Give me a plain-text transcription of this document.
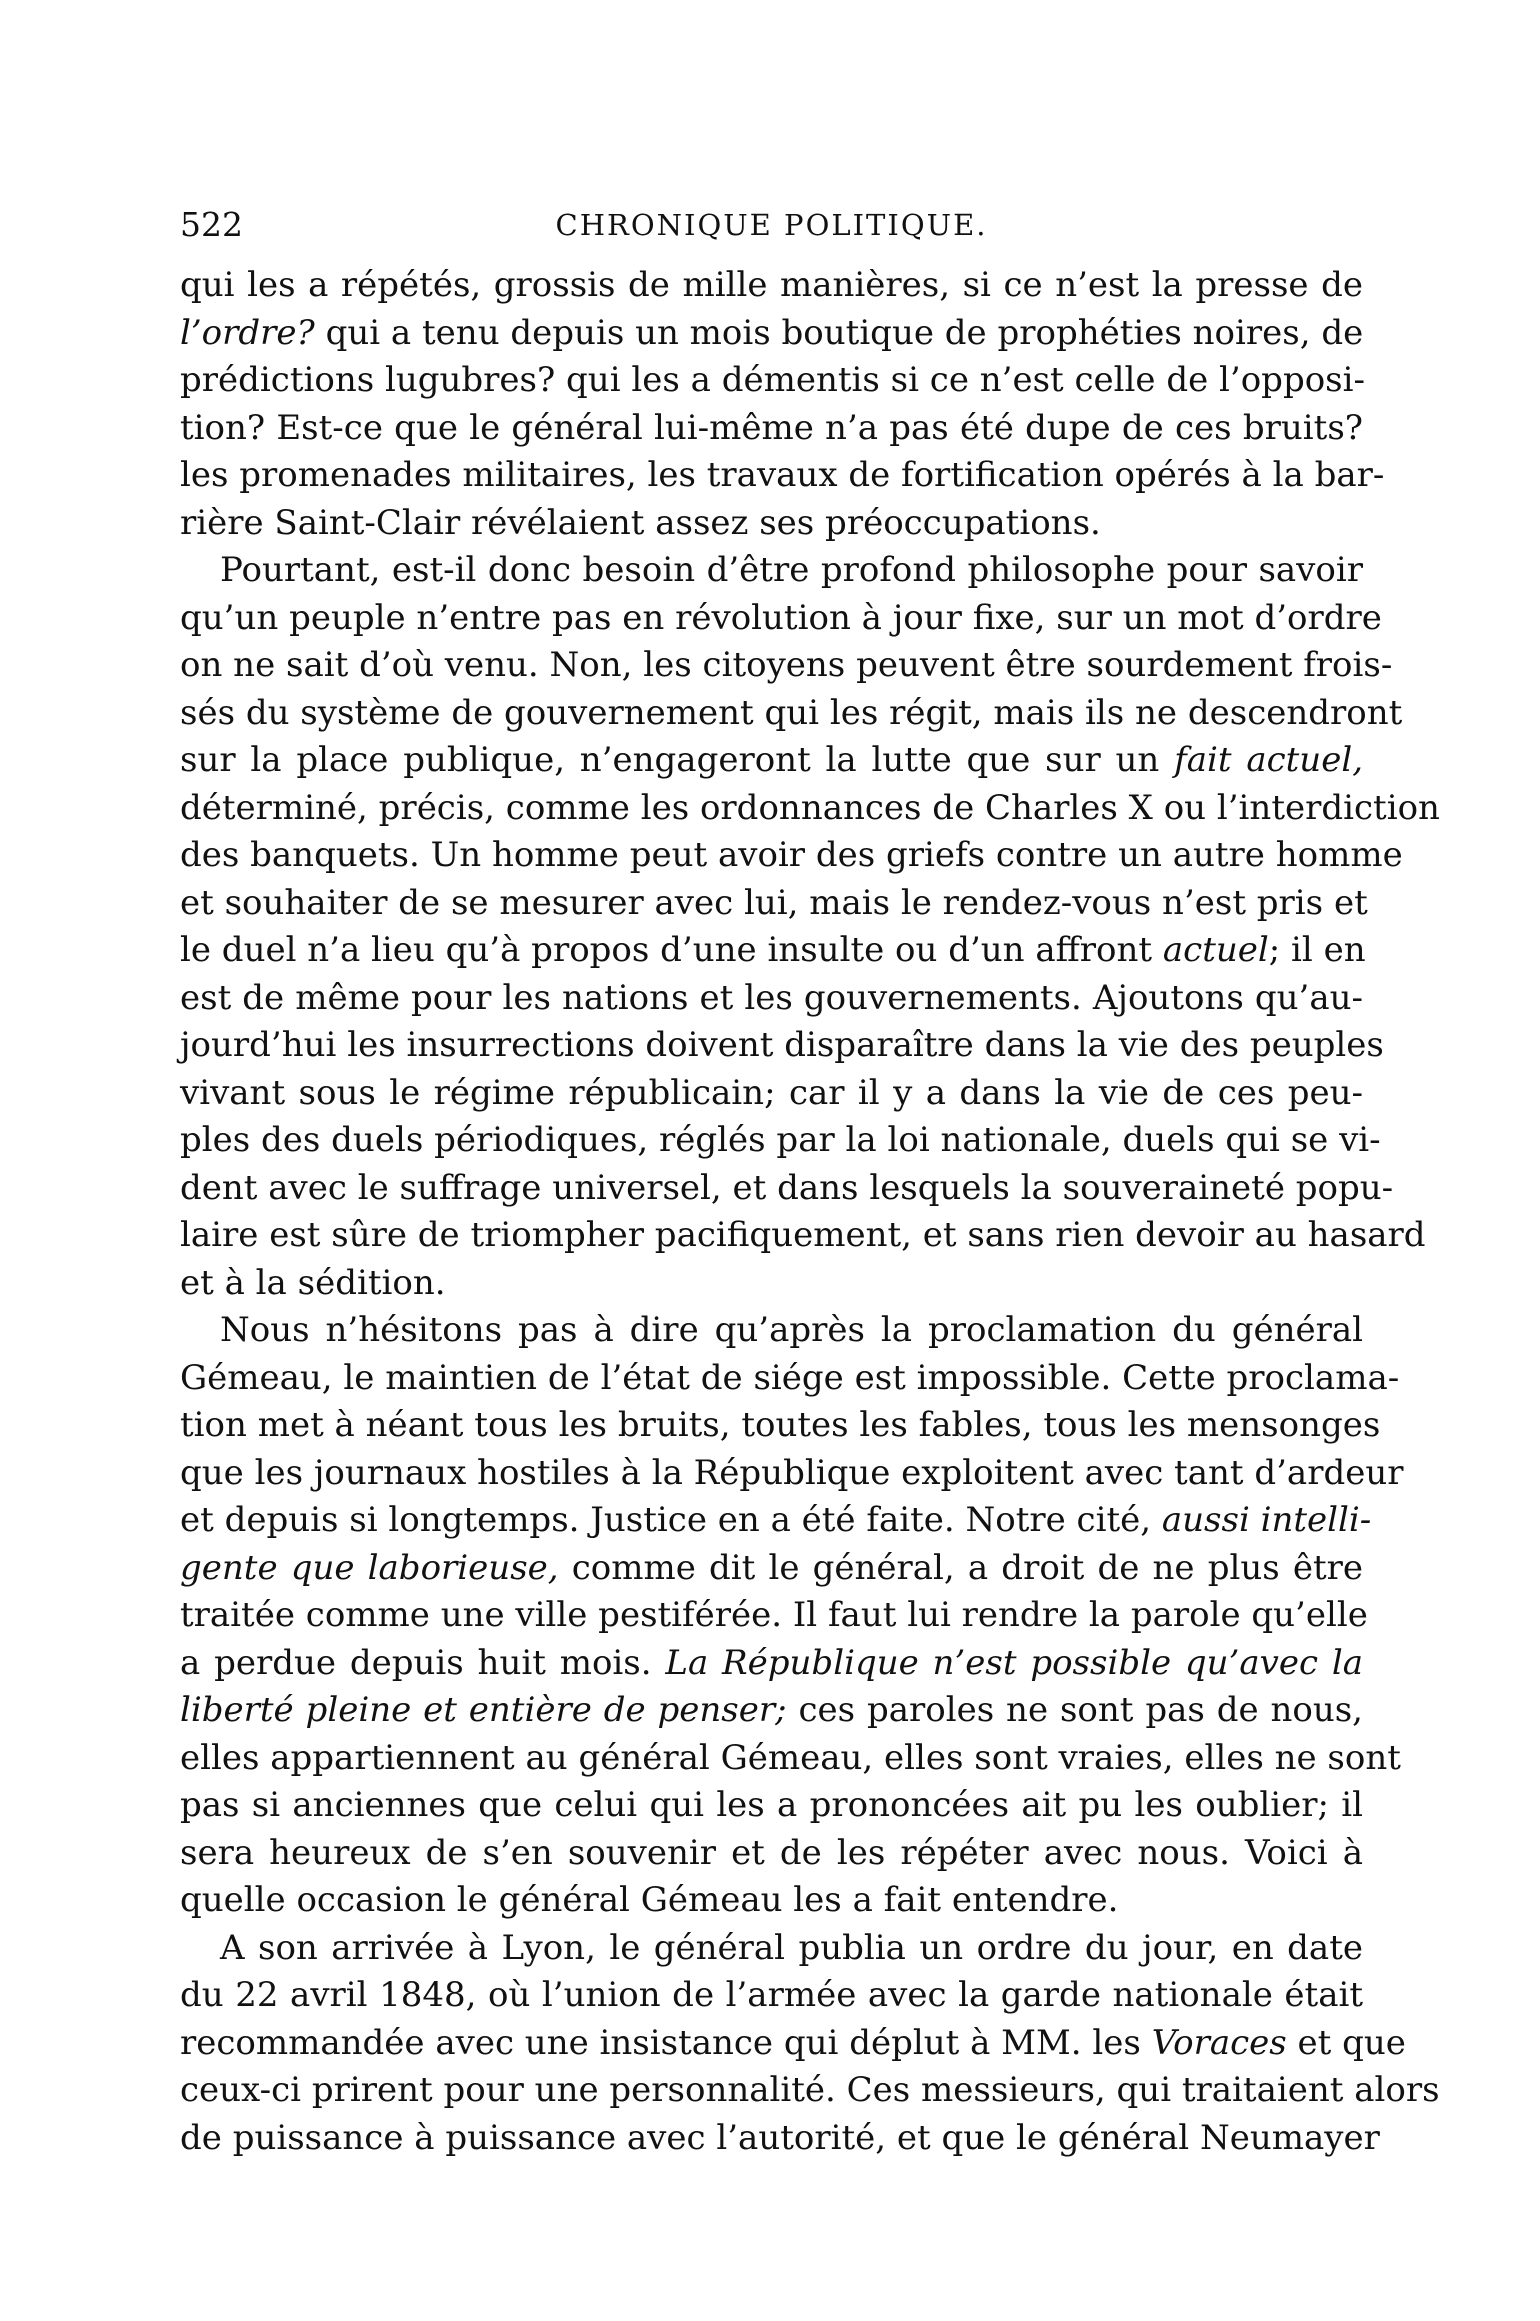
522	CHRONIQUE POLITIQUE.
qui les a répétés, grossis de mille manières, si ce n’est la presse de
l’ordre? qui a tenu depuis un mois boutique de prophéties noires, de
prédictions lugubres? qui les a démentis si ce n’est celle de l’opposi-
tion? Est-ce que le général lui-même n’a pas été dupe de ces bruits?
les promenades militaires, les travaux de fortification opérés à la bar-
rière Saint-Clair révélaient assez ses préoccupations.
Pourtant, est-il donc besoin d’être profond philosophe pour savoir
qu’un peuple n’entre pas en révolution à jour fixe, sur un mot d’ordre
on ne sait d’où venu. Non, les citoyens peuvent être sourdement frois-
sés du système de gouvernement qui les régit, mais ils ne descendront
sur la place publique, n’engageront la lutte que sur un fait actuel,
déterminé, précis, comme les ordonnances de Charles X ou l’interdiction
des banquets. Un homme peut avoir des griefs contre un autre homme
et souhaiter de se mesurer avec lui, mais le rendez-vous n’est pris et
le duel n’a lieu qu’à propos d’une insulte ou d’un affront actuel; il en
est de même pour les nations et les gouvernements. Ajoutons qu’au-
jourd’hui les insurrections doivent disparaître dans la vie des peuples
vivant sous le régime républicain; car il y a dans la vie de ces peu-
ples des duels périodiques, réglés par la loi nationale, duels qui se vi-
dent avec le suffrage universel, et dans lesquels la souveraineté popu-
laire est sûre de triompher pacifiquement, et sans rien devoir au hasard
et à la sédition.
Nous n’hésitons pas à dire qu’après la proclamation du général
Gémeau, le maintien de l’état de siége est impossible. Cette proclama-
tion met à néant tous les bruits, toutes les fables, tous les mensonges
que les journaux hostiles à la République exploitent avec tant d’ardeur
et depuis si longtemps. Justice en a été faite. Notre cité, aussi intelli-
gente que laborieuse, comme dit le général, a droit de ne plus être
traitée comme une ville pestiférée. Il faut lui rendre la parole qu’elle
a perdue depuis huit mois. La République n’est possible qu’avec la
liberté pleine et entière de penser; ces paroles ne sont pas de nous,
elles appartiennent au général Gémeau, elles sont vraies, elles ne sont
pas si anciennes que celui qui les a prononcées ait pu les oublier; il
sera heureux de s’en souvenir et de les répéter avec nous. Voici à
quelle occasion le général Gémeau les a fait entendre.
A son arrivée à Lyon, le général publia un ordre du jour, en date
du 22 avril 1848, où l’union de l’armée avec la garde nationale était
recommandée avec une insistance qui déplut à MM. les Voraces et que
ceux-ci prirent pour une personnalité. Ces messieurs, qui traitaient alors
de puissance à puissance avec l’autorité, et que le général Neumayer
